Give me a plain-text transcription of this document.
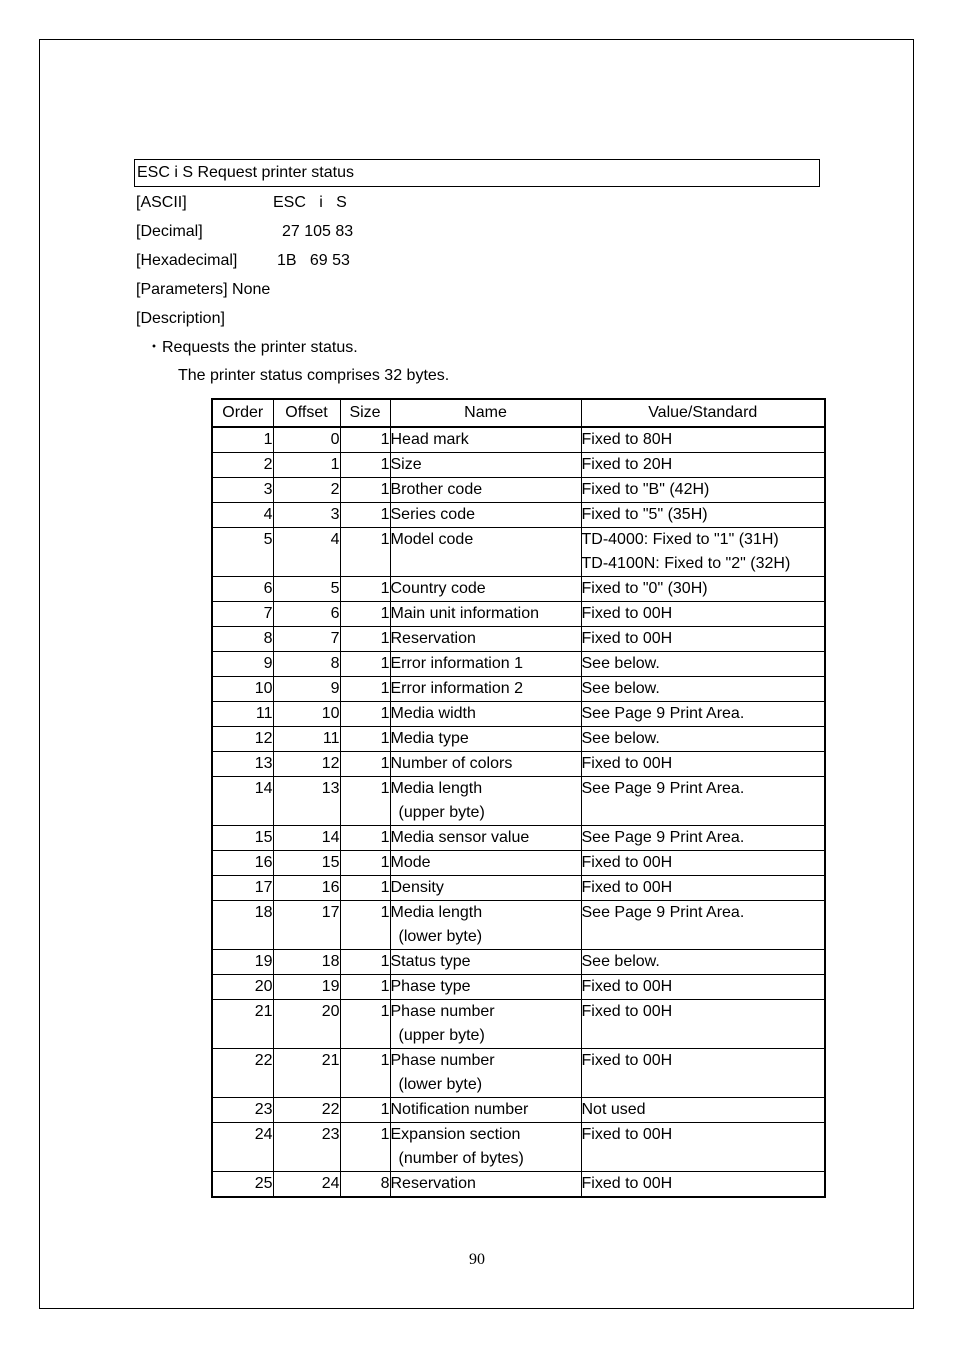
ESC i S Request printer status
[ASCII]	ESC   i   S
[Decimal]	27 105 83
[Hexadecimal] 1B   69 53
[Parameters] None
[Description]
・Requests the printer status.
The printer status comprises 32 bytes.
Order	Offset	Size	Name	Value/Standard
1	0	1	Head mark	Fixed to 80H
2	1	1	Size	Fixed to 20H
3	2	1	Brother code	Fixed to "B" (42H)
4	3	1	Series code	Fixed to "5" (35H)
5	4	1	Model code	TD-4000: Fixed to "1" (31H)
TD-4100N: Fixed to "2" (32H)

6	5	1	Country code	Fixed to "0" (30H)
7	6	1	Main unit information	Fixed to 00H
8	7	1	Reservation	Fixed to 00H
9	8	1	Error information 1	See below.
10	9	1	Error information 2	See below.
11	10	1	Media width	See Page 9 Print Area.
12	11	1	Media type	See below.
13	12	1	Number of colors	Fixed to 00H
14	13	1	Media length
(upper byte)	See Page 9 Print Area.
15	14	1	Media sensor value	See Page 9 Print Area.
16	15	1	Mode	Fixed to 00H
17	16	1	Density	Fixed to 00H
18	17	1	Media length
(lower byte)	See Page 9 Print Area.
19	18	1	Status type	See below.
20	19	1	Phase type	Fixed to 00H
21	20	1	Phase number
(upper byte)	Fixed to 00H
22	21	1	Phase number
(lower byte)	Fixed to 00H
23	22	1	Notification number	Not used
24	23	1	Expansion section
(number of bytes)	Fixed to 00H
25	24	8	Reservation	Fixed to 00H
90
